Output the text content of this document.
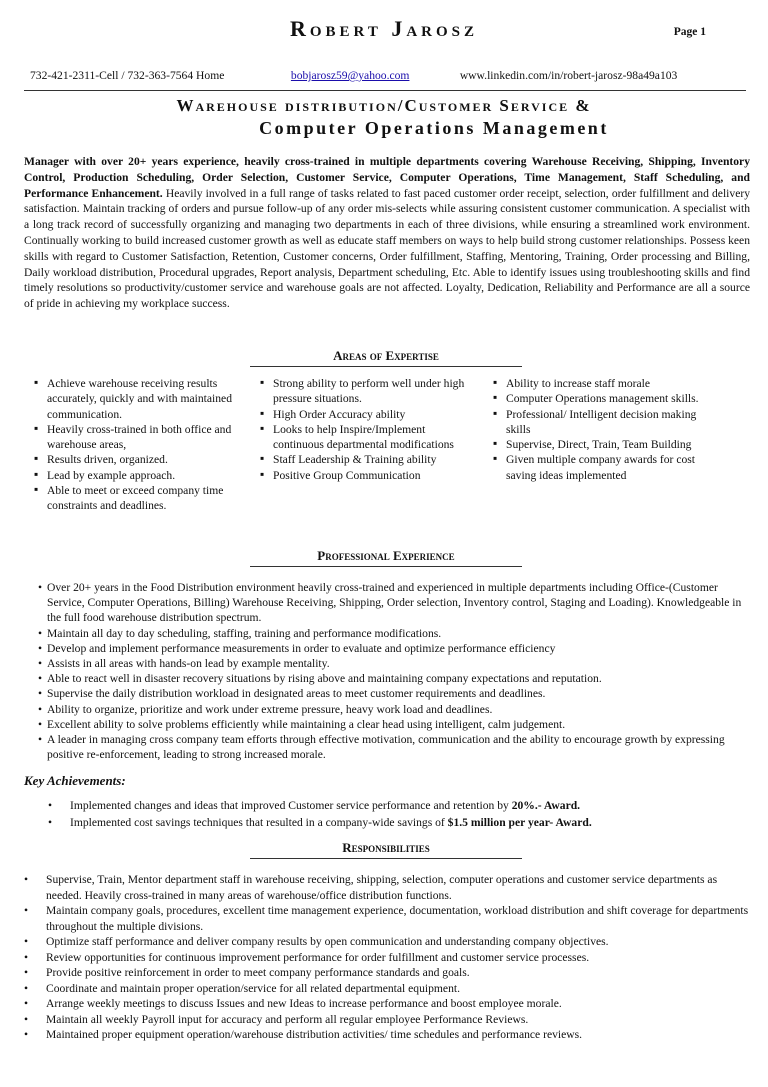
Robert Jarosz	Page 1
732-421-2311-Cell / 732-363-7564 Home	bobjarosz59@yahoo.com	www.linkedin.com/in/robert-jarosz-98a49a103
Warehouse distribution/Customer Service &
Computer Operations Management
Manager with over 20+ years experience, heavily cross-trained in multiple departments covering Warehouse Receiving, Shipping, Inventory Control, Production Scheduling, Order Selection, Customer Service, Computer Operations, Time Management, Staff Scheduling, and Performance Enhancement. Heavily involved in a full range of tasks related to fast paced customer order receipt, selection, order fulfillment and delivery satisfaction. Maintain tracking of orders and pursue follow-up of any order mis-selects while assuring consistent customer communication. A specialist with a long track record of successfully organizing and managing two departments in each of three divisions, while ensuring a streamlined work environment. Continually working to build increased customer growth as well as educate staff members on ways to help build strong customer relationships. Possess keen skills with regard to Customer Satisfaction, Retention, Customer concerns, Order fulfillment, Staffing, Mentoring, Training, Order processing and Billing, Daily workload distribution, Procedural upgrades, Report analysis, Department scheduling, Etc. Able to identify issues using troubleshooting skills and find timely resolutions so productivity/customer service and warehouse goals are not affected. Loyalty, Dedication, Reliability and Performance are all a source of pride in achieving my workplace success.
Areas of Expertise
▪ Achieve warehouse receiving results accurately, quickly and with maintained communication.
▪ Heavily cross-trained in both office and warehouse areas,
▪ Results driven, organized.
▪ Lead by example approach.
▪ Able to meet or exceed company time constraints and deadlines.
▪ Strong ability to perform well under high pressure situations.
▪ High Order Accuracy ability
▪ Looks to help Inspire/Implement continuous departmental modifications
▪ Staff Leadership & Training ability
▪ Positive Group Communication
▪ Ability to increase staff morale
▪ Computer Operations management skills.
▪ Professional/ Intelligent decision making skills
▪ Supervise, Direct, Train, Team Building
▪ Given multiple company awards for cost saving ideas implemented
Professional Experience
• Over 20+ years in the Food Distribution environment heavily cross-trained and experienced in multiple departments including Office-(Customer Service, Computer Operations, Billing) Warehouse Receiving, Shipping, Order selection, Inventory control, Staging and Loading). Knowledgeable in the full food warehouse distribution spectrum.
• Maintain all day to day scheduling, staffing, training and performance modifications.
• Develop and implement performance measurements in order to evaluate and optimize performance efficiency
• Assists in all areas with hands-on lead by example mentality.
• Able to react well in disaster recovery situations by rising above and maintaining company expectations and reputation.
• Supervise the daily distribution workload in designated areas to meet customer requirements and deadlines.
• Ability to organize, prioritize and work under extreme pressure, heavy work load and deadlines.
• Excellent ability to solve problems efficiently while maintaining a clear head using intelligent, calm judgement.
• A leader in managing cross company team efforts through effective motivation, communication and the ability to encourage growth by expressing positive re-enforcement, leading to strong increased morale.
Key Achievements:
• Implemented changes and ideas that improved Customer service performance and retention by 20%.- Award.
• Implemented cost savings techniques that resulted in a company-wide savings of $1.5 million per year- Award.
Responsibilities
• Supervise, Train, Mentor department staff in warehouse receiving, shipping, selection, computer operations and customer service departments as needed. Heavily cross-trained in many areas of warehouse/office distribution functions.
• Maintain company goals, procedures, excellent time management experience, documentation, workload distribution and shift coverage for departments throughout the multiple divisions.
• Optimize staff performance and deliver company results by open communication and understanding company objectives.
• Review opportunities for continuous improvement performance for order fulfillment and customer service processes.
• Provide positive reinforcement in order to meet company performance standards and goals.
• Coordinate and maintain proper operation/service for all related departmental equipment.
• Arrange weekly meetings to discuss Issues and new Ideas to increase performance and boost employee morale.
• Maintain all weekly Payroll input for accuracy and perform all regular employee Performance Reviews.
• Maintained proper equipment operation/warehouse distribution activities/ time schedules and performance reviews.
